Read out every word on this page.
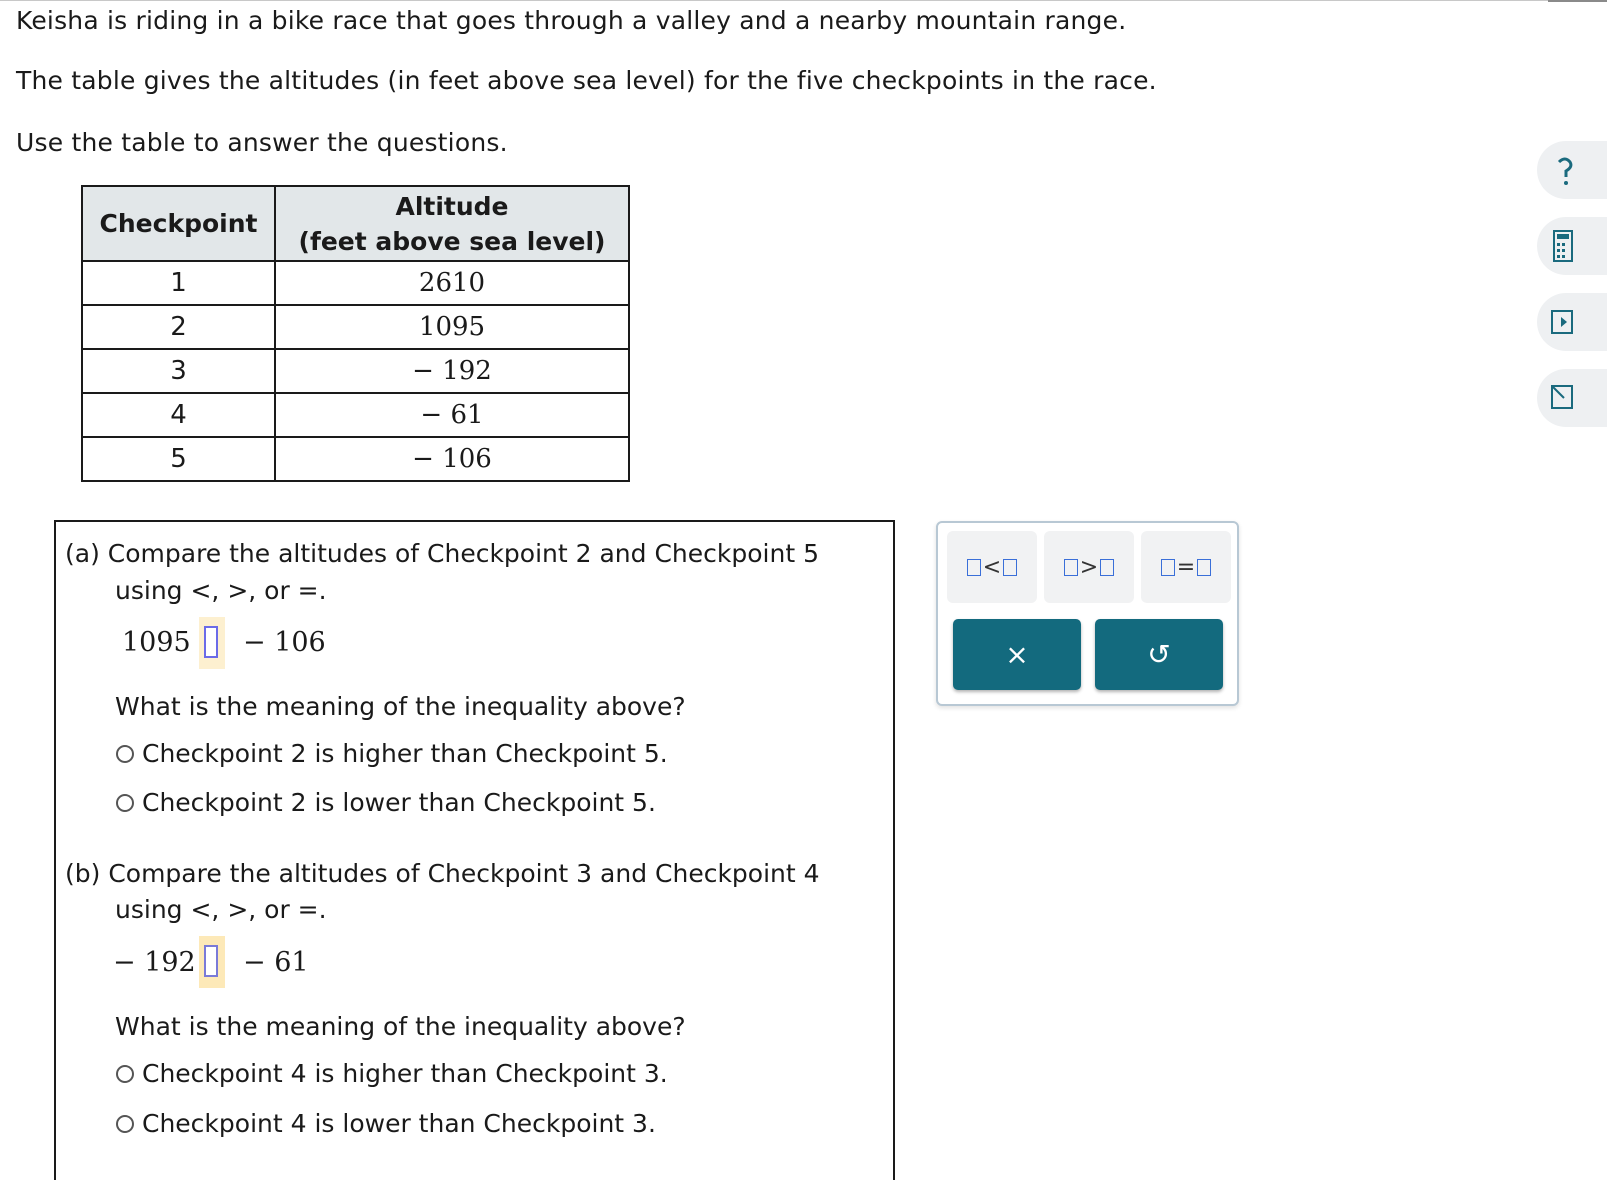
Keisha is riding in a bike race that goes through a valley and a nearby mountain range.

The table gives the altitudes (in feet above sea level) for the five checkpoints in the race.

Use the table to answer the questions.

Checkpoint	Altitude
(feet above sea level)
1	2610
2	1095
3	− 192
4	− 61
5	− 106

(a) Compare the altitudes of Checkpoint 2 and Checkpoint 5

using <, >, or =.

1095 − 106

What is the meaning of the inequality above?

Checkpoint 2 is higher than Checkpoint 5.
Checkpoint 2 is lower than Checkpoint 5.

(b) Compare the altitudes of Checkpoint 3 and Checkpoint 4

using <, >, or =.

− 192 − 61

What is the meaning of the inequality above?

Checkpoint 4 is higher than Checkpoint 3.
Checkpoint 4 is lower than Checkpoint 3.
<	>	=
×	↺
